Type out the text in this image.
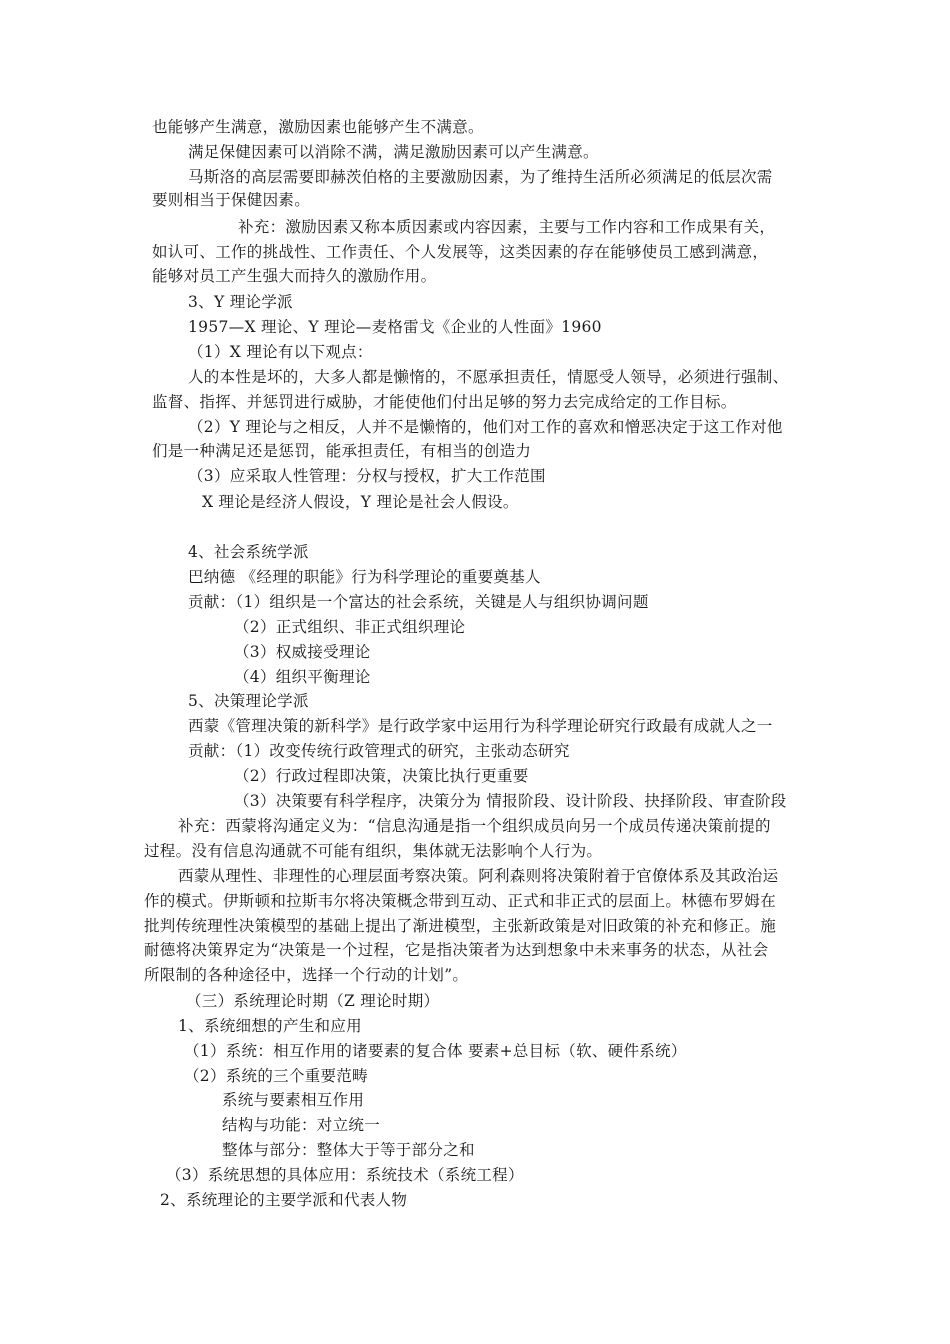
也能够产生满意，激励因素也能够产生不满意。
满足保健因素可以消除不满，满足激励因素可以产生满意。
马斯洛的高层需要即赫茨伯格的主要激励因素，为了维持生活所必须满足的低层次需
要则相当于保健因素。
补充：激励因素又称本质因素或内容因素，主要与工作内容和工作成果有关，
如认可、工作的挑战性、工作责任、个人发展等，这类因素的存在能够使员工感到满意，
能够对员工产生强大而持久的激励作用。
3、Y 理论学派
1957—X 理论、Y 理论—麦格雷戈《企业的人性面》1960
（1）X 理论有以下观点：
人的本性是坏的，大多人都是懒惰的，不愿承担责任，情愿受人领导，必须进行强制、
监督、指挥、并惩罚进行威胁，才能使他们付出足够的努力去完成给定的工作目标。
（2）Y 理论与之相反，人并不是懒惰的，他们对工作的喜欢和憎恶决定于这工作对他
们是一种满足还是惩罚，能承担责任，有相当的创造力
（3）应采取人性管理：分权与授权，扩大工作范围
X 理论是经济人假设，Y 理论是社会人假设。
4、社会系统学派
巴纳德 《经理的职能》行为科学理论的重要奠基人
贡献：（1）组织是一个富达的社会系统，关键是人与组织协调问题
（2）正式组织、非正式组织理论
（3）权威接受理论
（4）组织平衡理论
5、决策理论学派
西蒙《管理决策的新科学》是行政学家中运用行为科学理论研究行政最有成就人之一
贡献：（1）改变传统行政管理式的研究，主张动态研究
（2）行政过程即决策，决策比执行更重要
（3）决策要有科学程序，决策分为 情报阶段、设计阶段、抉择阶段、审查阶段
补充：西蒙将沟通定义为：“信息沟通是指一个组织成员向另一个成员传递决策前提的
过程。没有信息沟通就不可能有组织，集体就无法影响个人行为。
西蒙从理性、非理性的心理层面考察决策。阿利森则将决策附着于官僚体系及其政治运
作的模式。伊斯顿和拉斯韦尔将决策概念带到互动、正式和非正式的层面上。林德布罗姆在
批判传统理性决策模型的基础上提出了渐进模型，主张新政策是对旧政策的补充和修正。施
耐德将决策界定为“决策是一个过程，它是指决策者为达到想象中未来事务的状态，从社会
所限制的各种途径中，选择一个行动的计划”。
（三）系统理论时期（Z 理论时期）
1、系统细想的产生和应用
（1）系统：相互作用的诸要素的复合体 要素+总目标（软、硬件系统）
（2）系统的三个重要范畴
系统与要素相互作用
结构与功能：对立统一
整体与部分：整体大于等于部分之和
（3）系统思想的具体应用：系统技术（系统工程）
2、系统理论的主要学派和代表人物
